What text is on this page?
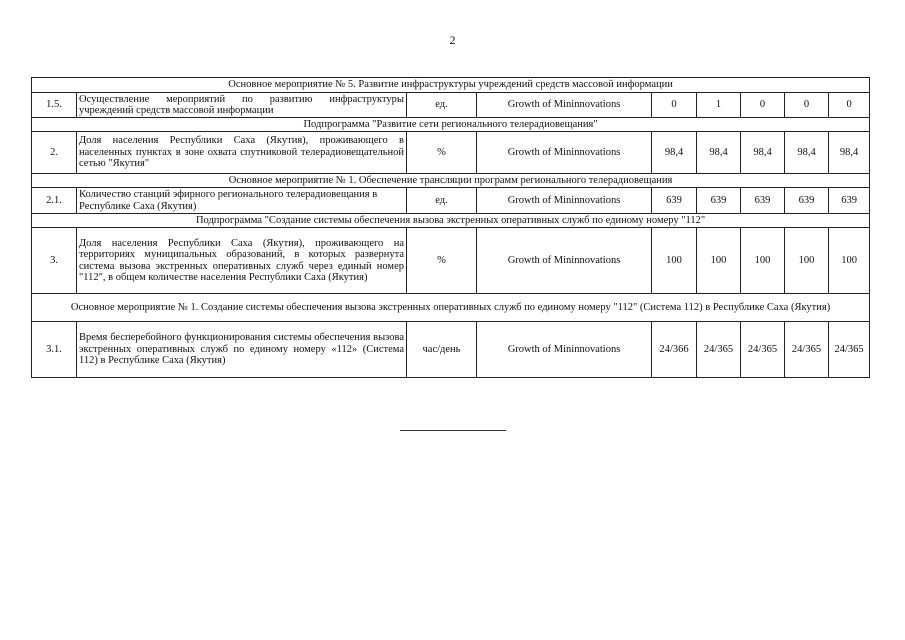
2
Основное мероприятие № 5. Развитие инфраструктуры учреждений средств массовой информации								
1.5.	Осуществление мероприятий по развитию инфраструктуры учреждений средств массовой информации	ед.	Growth of Mininnovations	0	1	0	0	0
Подпрограмма "Развитие сети регионального телерадиовещания"								
2.	Доля населения Республики Саха (Якутия), проживающего в населенных пунктах в зоне охвата спутниковой телерадиовещательной сетью "Якутия"	%	Growth of Mininnovations	98,4	98,4	98,4	98,4	98,4
Основное мероприятие № 1. Обеспечение трансляции программ регионального телерадиовещания								
2.1.	Количество станций эфирного регионального телерадиовещания в Республике Саха (Якутия)	ед.	Growth of Mininnovations	639	639	639	639	639
Подпрограмма "Создание системы обеспечения вызова экстренных оперативных служб по единому номеру "112"								
3.	Доля населения Республики Саха (Якутия), проживающего на территориях муниципальных образований, в которых развернута система вызова экстренных оперативных служб через единый номер "112", в общем количестве населения Республики Саха (Якутия)	%	Growth of Mininnovations	100	100	100	100	100
Основное мероприятие № 1. Создание системы обеспечения вызова экстренных оперативных служб по единому номеру "112" (Система 112) в Республике Саха (Якутия)								
3.1.	Время бесперебойного функционирования системы обеспечения вызова экстренных оперативных служб по единому номеру «112» (Система 112) в Республике Саха (Якутия)	час/день	Growth of Mininnovations	24/366	24/365	24/365	24/365	24/365
